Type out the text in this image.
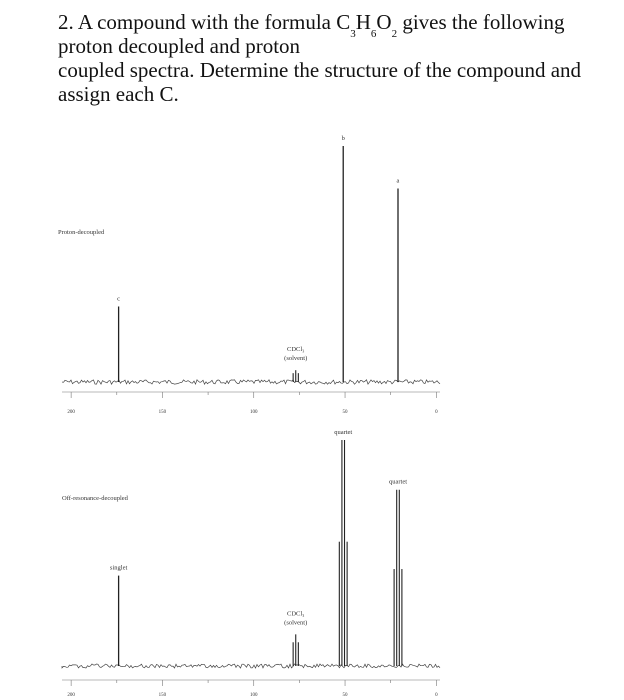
2. A compound with the formula $C_3H_6O_2$ gives the following
proton decoupled and proton
coupled spectra. Determine the structure of the compound and
assign each C.
Proton-decoupled
c
b
a
CDCl₃
(solvent)
200	150	100	50	0
Off-resonance-decoupled
singlet
quartet
quartet
CDCl₃
(solvent)
200	150	100	50	0
